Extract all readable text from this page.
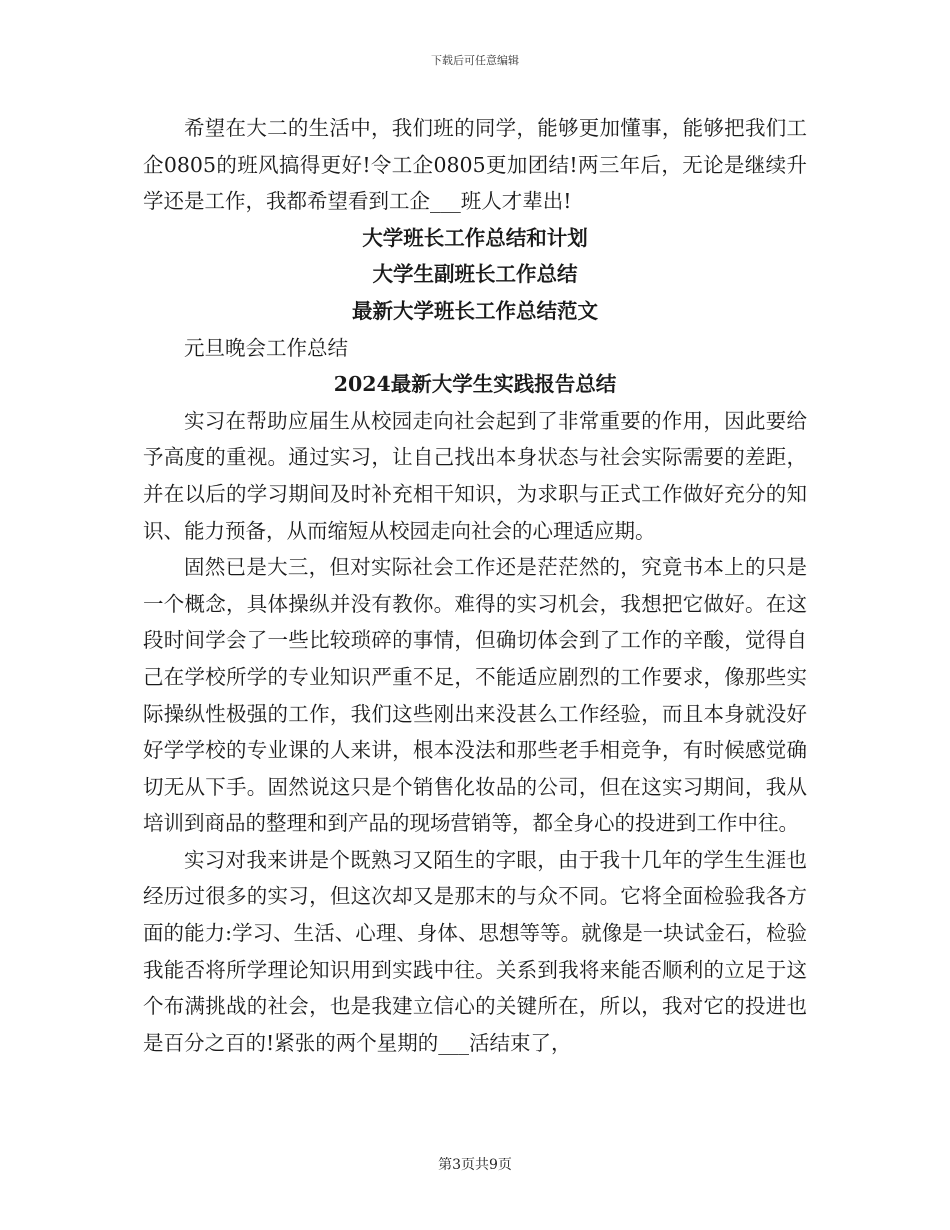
下载后可任意编辑

希望在大二的生活中，我们班的同学，能够更加懂事，能够把我们工企0805的班风搞得更好!令工企0805更加团结!两三年后，无论是继续升学还是工作，我都希望看到工企___班人才辈出!

大学班长工作总结和计划

大学生副班长工作总结

最新大学班长工作总结范文

元旦晚会工作总结

2024最新大学生实践报告总结

实习在帮助应届生从校园走向社会起到了非常重要的作用，因此要给予高度的重视。通过实习，让自己找出本身状态与社会实际需要的差距，并在以后的学习期间及时补充相干知识，为求职与正式工作做好充分的知识、能力预备，从而缩短从校园走向社会的心理适应期。

固然已是大三，但对实际社会工作还是茫茫然的，究竟书本上的只是一个概念，具体操纵并没有教你。难得的实习机会，我想把它做好。在这段时间学会了一些比较琐碎的事情，但确切体会到了工作的辛酸，觉得自己在学校所学的专业知识严重不足，不能适应剧烈的工作要求，像那些实际操纵性极强的工作，我们这些刚出来没甚么工作经验，而且本身就没好好学学校的专业课的人来讲，根本没法和那些老手相竞争，有时候感觉确切无从下手。固然说这只是个销售化妆品的公司，但在这实习期间，我从培训到商品的整理和到产品的现场营销等，都全身心的投进到工作中往。

实习对我来讲是个既熟习又陌生的字眼，由于我十几年的学生生涯也经历过很多的实习，但这次却又是那末的与众不同。它将全面检验我各方面的能力:学习、生活、心理、身体、思想等等。就像是一块试金石，检验我能否将所学理论知识用到实践中往。关系到我将来能否顺利的立足于这个布满挑战的社会，也是我建立信心的关键所在，所以，我对它的投进也是百分之百的!紧张的两个星期的___活结束了，

第3页共9页
